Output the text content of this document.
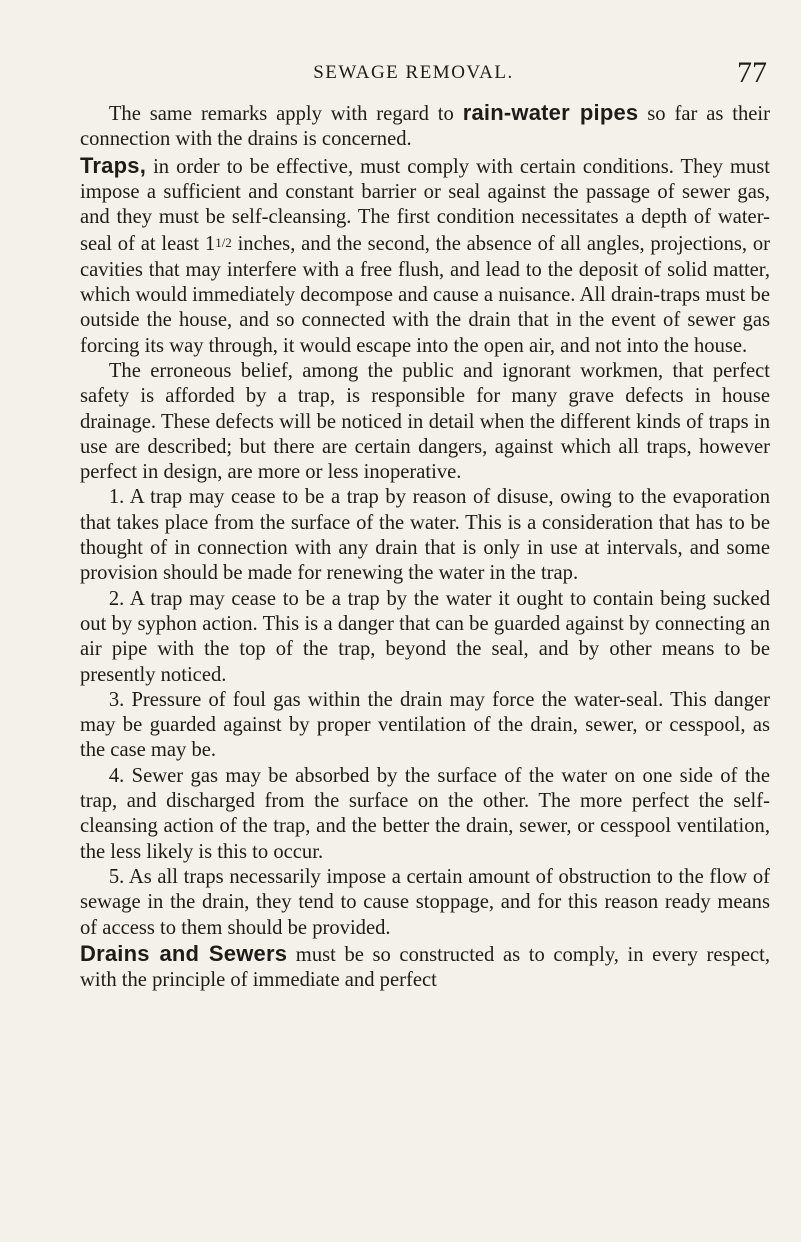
SEWAGE REMOVAL.	77

The same remarks apply with regard to rain-water pipes so far as their connection with the drains is concerned.

Traps, in order to be effective, must comply with certain conditions. They must impose a sufficient and constant barrier or seal against the passage of sewer gas, and they must be self-cleansing. The first condition necessitates a depth of water-seal of at least 11/2 inches, and the second, the absence of all angles, projections, or cavities that may interfere with a free flush, and lead to the deposit of solid matter, which would immediately decompose and cause a nuisance. All drain-traps must be outside the house, and so connected with the drain that in the event of sewer gas forcing its way through, it would escape into the open air, and not into the house.

The erroneous belief, among the public and ignorant workmen, that perfect safety is afforded by a trap, is responsible for many grave defects in house drainage. These defects will be noticed in detail when the different kinds of traps in use are described; but there are certain dangers, against which all traps, however perfect in design, are more or less inoperative.

1. A trap may cease to be a trap by reason of disuse, owing to the evaporation that takes place from the surface of the water. This is a consideration that has to be thought of in connection with any drain that is only in use at intervals, and some provision should be made for renewing the water in the trap.

2. A trap may cease to be a trap by the water it ought to contain being sucked out by syphon action. This is a danger that can be guarded against by connecting an air pipe with the top of the trap, beyond the seal, and by other means to be presently noticed.

3. Pressure of foul gas within the drain may force the water-seal. This danger may be guarded against by proper ventilation of the drain, sewer, or cesspool, as the case may be.

4. Sewer gas may be absorbed by the surface of the water on one side of the trap, and discharged from the surface on the other. The more perfect the self-cleansing action of the trap, and the better the drain, sewer, or cesspool ventilation, the less likely is this to occur.

5. As all traps necessarily impose a certain amount of obstruction to the flow of sewage in the drain, they tend to cause stoppage, and for this reason ready means of access to them should be provided.

Drains and Sewers must be so constructed as to comply, in every respect, with the principle of immediate and perfect
